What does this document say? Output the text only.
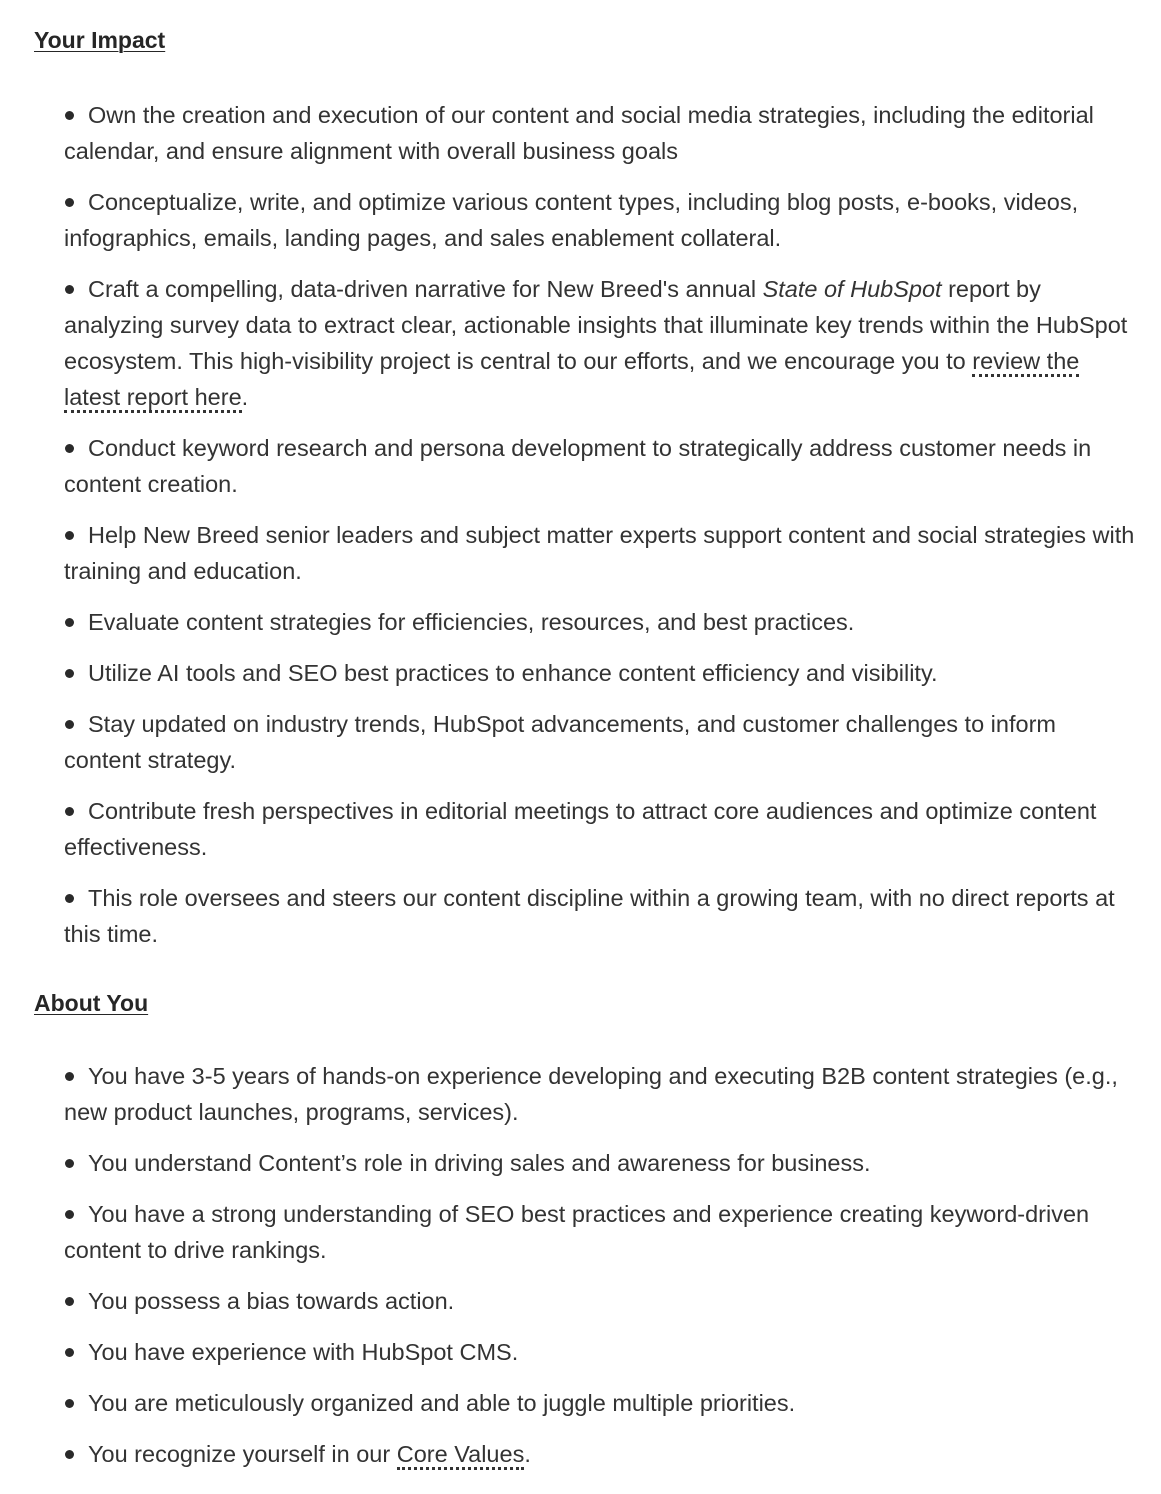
Your Impact
Own the creation and execution of our content and social media strategies, including the editorial calendar, and ensure alignment with overall business goals
Conceptualize, write, and optimize various content types, including blog posts, e-books, videos, infographics, emails, landing pages, and sales enablement collateral.
Craft a compelling, data-driven narrative for New Breed's annual State of HubSpot report by analyzing survey data to extract clear, actionable insights that illuminate key trends within the HubSpot ecosystem. This high-visibility project is central to our efforts, and we encourage you to review the latest report here.
Conduct keyword research and persona development to strategically address customer needs in content creation.
Help New Breed senior leaders and subject matter experts support content and social strategies with training and education.
Evaluate content strategies for efficiencies, resources, and best practices.
Utilize AI tools and SEO best practices to enhance content efficiency and visibility.
Stay updated on industry trends, HubSpot advancements, and customer challenges to inform content strategy.
Contribute fresh perspectives in editorial meetings to attract core audiences and optimize content effectiveness.
This role oversees and steers our content discipline within a growing team, with no direct reports at this time.
About You
You have 3-5 years of hands-on experience developing and executing B2B content strategies (e.g., new product launches, programs, services).
You understand Content’s role in driving sales and awareness for business.
You have a strong understanding of SEO best practices and experience creating keyword-driven content to drive rankings.
You possess a bias towards action.
You have experience with HubSpot CMS.
You are meticulously organized and able to juggle multiple priorities.
You recognize yourself in our Core Values.
